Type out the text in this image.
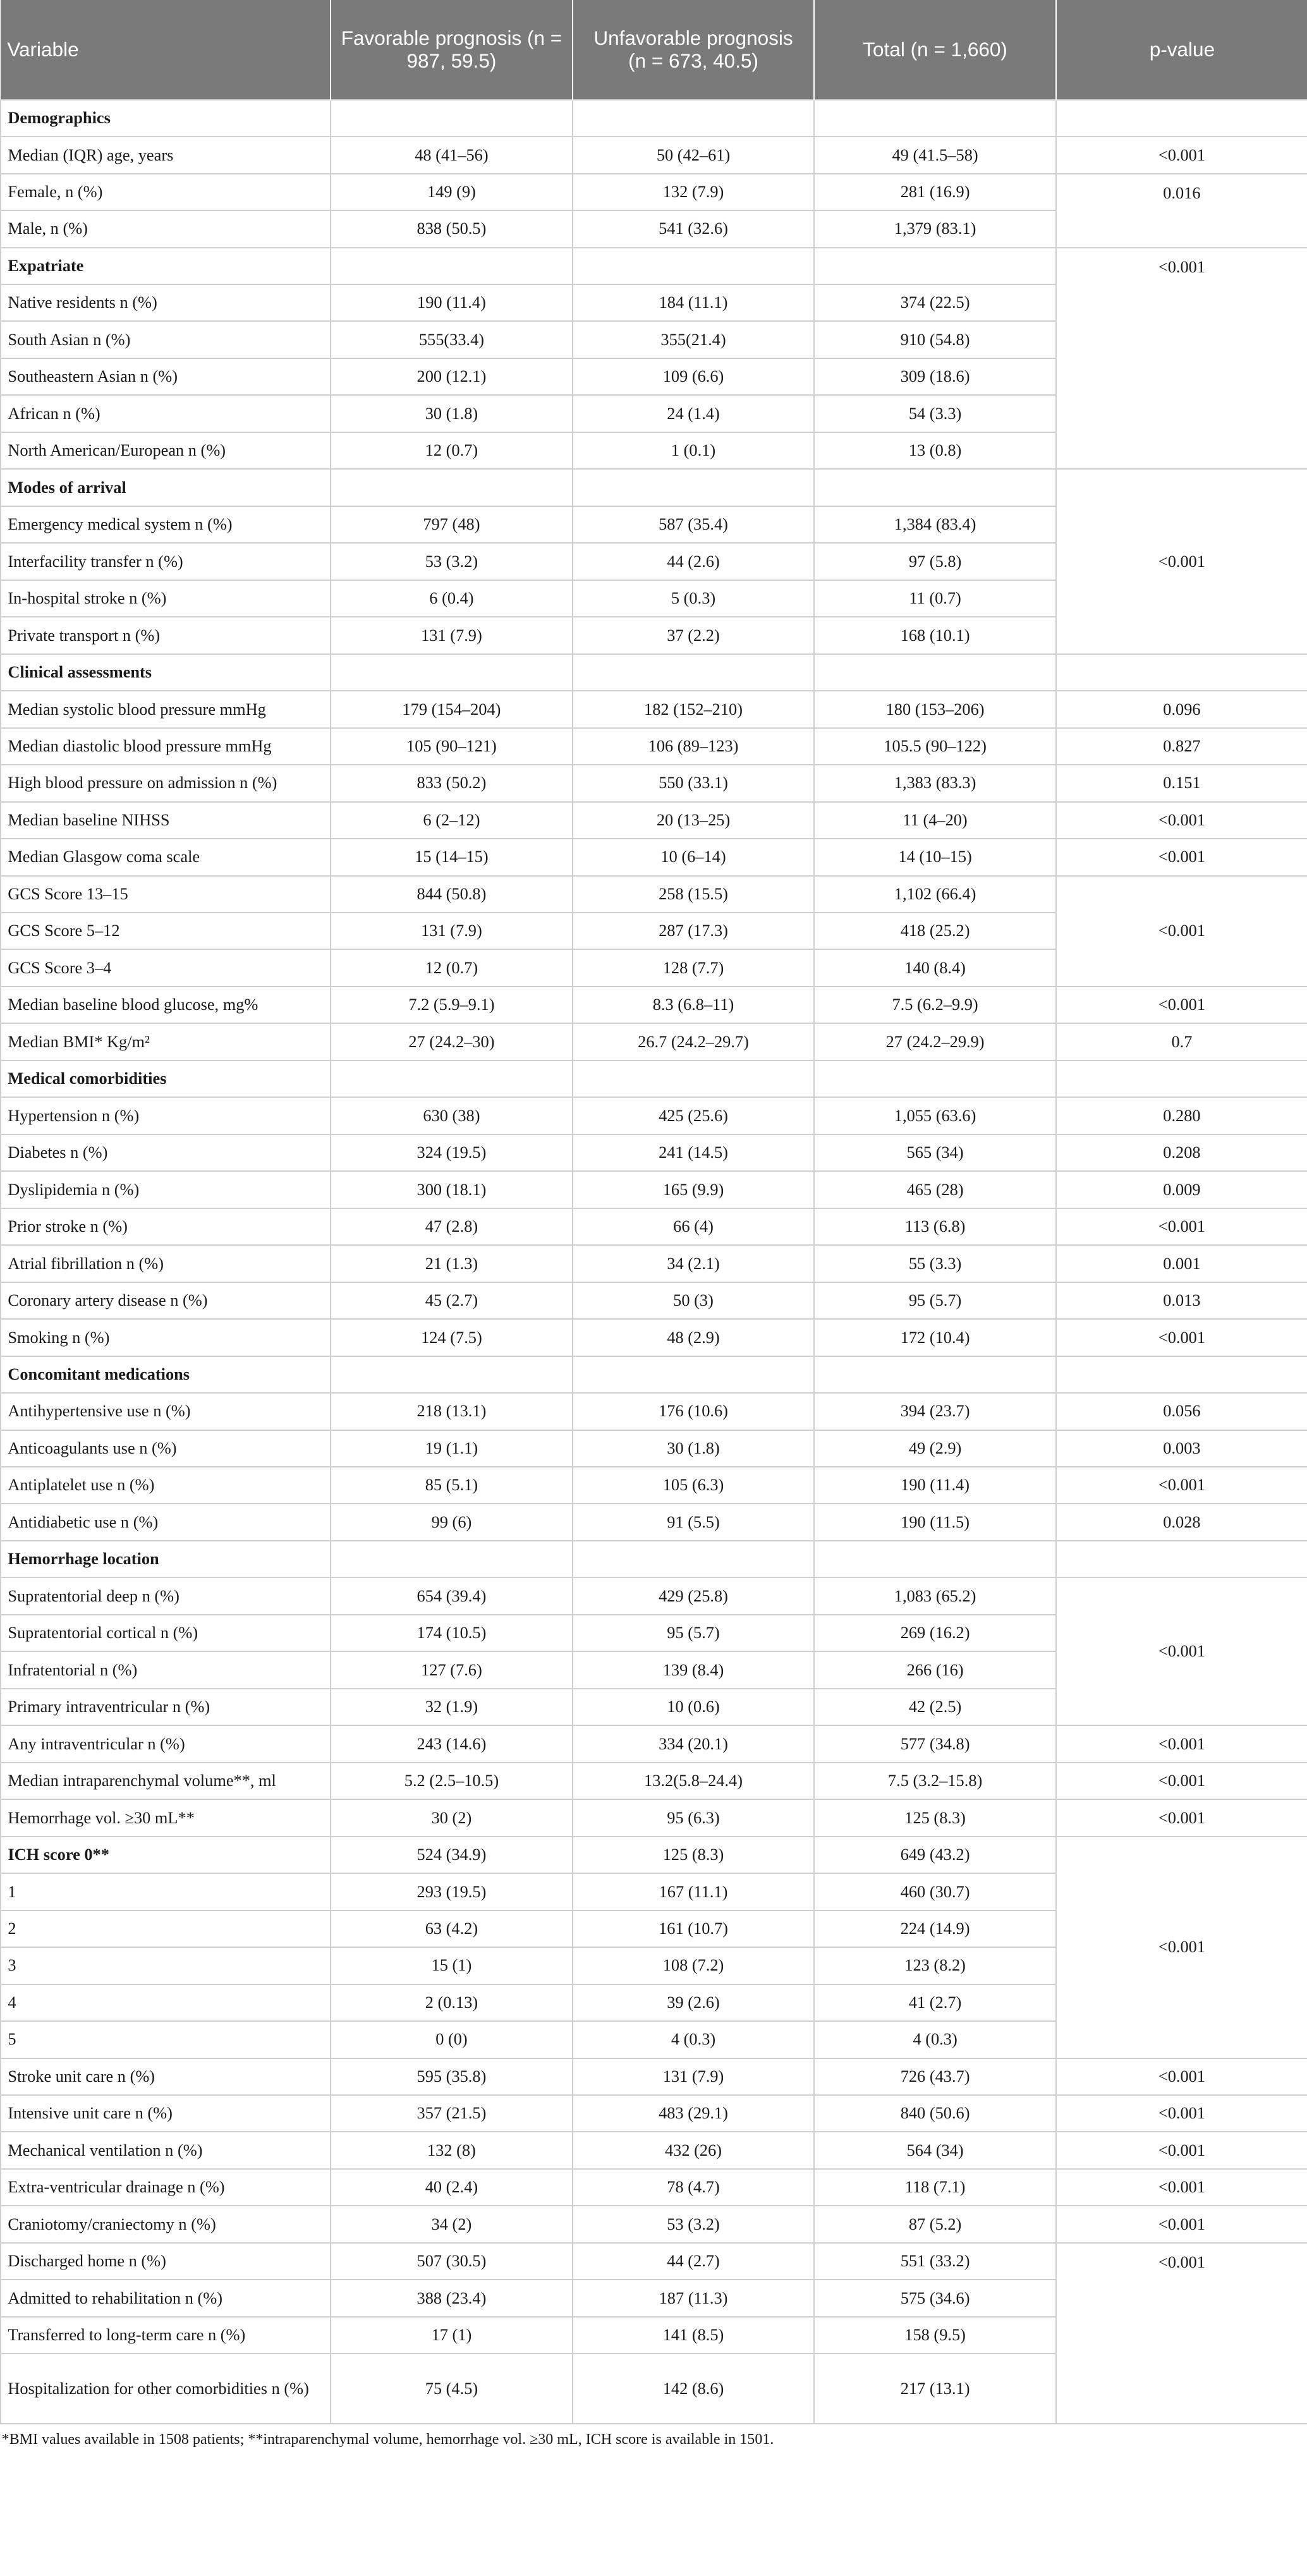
Variable	Favorable prognosis (n = 987, 59.5)	Unfavorable prognosis (n = 673, 40.5)	Total (n = 1,660)	p-value
Demographics				
Median (IQR) age, years	48 (41–56)	50 (42–61)	49 (41.5–58)	<0.001
Female, n (%)	149 (9)	132 (7.9)	281 (16.9)	0.016
Male, n (%)	838 (50.5)	541 (32.6)	1,379 (83.1)	
Expatriate				<0.001
Native residents n (%)	190 (11.4)	184 (11.1)	374 (22.5)	
South Asian n (%)	555(33.4)	355(21.4)	910 (54.8)	
Southeastern Asian n (%)	200 (12.1)	109 (6.6)	309 (18.6)	
African n (%)	30 (1.8)	24 (1.4)	54 (3.3)	
North American/European n (%)	12 (0.7)	1 (0.1)	13 (0.8)	
Modes of arrival				<0.001
Emergency medical system n (%)	797 (48)	587 (35.4)	1,384 (83.4)	
Interfacility transfer n (%)	53 (3.2)	44 (2.6)	97 (5.8)	
In-hospital stroke n (%)	6 (0.4)	5 (0.3)	11 (0.7)	
Private transport n (%)	131 (7.9)	37 (2.2)	168 (10.1)	
Clinical assessments				
Median systolic blood pressure mmHg	179 (154–204)	182 (152–210)	180 (153–206)	0.096
Median diastolic blood pressure mmHg	105 (90–121)	106 (89–123)	105.5 (90–122)	0.827
High blood pressure on admission n (%)	833 (50.2)	550 (33.1)	1,383 (83.3)	0.151
Median baseline NIHSS	6 (2–12)	20 (13–25)	11 (4–20)	<0.001
Median Glasgow coma scale	15 (14–15)	10 (6–14)	14 (10–15)	<0.001
GCS Score 13–15	844 (50.8)	258 (15.5)	1,102 (66.4)	<0.001
GCS Score 5–12	131 (7.9)	287 (17.3)	418 (25.2)	
GCS Score 3–4	12 (0.7)	128 (7.7)	140 (8.4)	
Median baseline blood glucose, mg%	7.2 (5.9–9.1)	8.3 (6.8–11)	7.5 (6.2–9.9)	<0.001
Median BMI* Kg/m²	27 (24.2–30)	26.7 (24.2–29.7)	27 (24.2–29.9)	0.7
Medical comorbidities				
Hypertension n (%)	630 (38)	425 (25.6)	1,055 (63.6)	0.280
Diabetes n (%)	324 (19.5)	241 (14.5)	565 (34)	0.208
Dyslipidemia n (%)	300 (18.1)	165 (9.9)	465 (28)	0.009
Prior stroke n (%)	47 (2.8)	66 (4)	113 (6.8)	<0.001
Atrial fibrillation n (%)	21 (1.3)	34 (2.1)	55 (3.3)	0.001
Coronary artery disease n (%)	45 (2.7)	50 (3)	95 (5.7)	0.013
Smoking n (%)	124 (7.5)	48 (2.9)	172 (10.4)	<0.001
Concomitant medications				
Antihypertensive use n (%)	218 (13.1)	176 (10.6)	394 (23.7)	0.056
Anticoagulants use n (%)	19 (1.1)	30 (1.8)	49 (2.9)	0.003
Antiplatelet use n (%)	85 (5.1)	105 (6.3)	190 (11.4)	<0.001
Antidiabetic use n (%)	99 (6)	91 (5.5)	190 (11.5)	0.028
Hemorrhage location				
Supratentorial deep n (%)	654 (39.4)	429 (25.8)	1,083 (65.2)	<0.001
Supratentorial cortical n (%)	174 (10.5)	95 (5.7)	269 (16.2)	
Infratentorial n (%)	127 (7.6)	139 (8.4)	266 (16)	
Primary intraventricular n (%)	32 (1.9)	10 (0.6)	42 (2.5)	
Any intraventricular n (%)	243 (14.6)	334 (20.1)	577 (34.8)	<0.001
Median intraparenchymal volume**, ml	5.2 (2.5–10.5)	13.2(5.8–24.4)	7.5 (3.2–15.8)	<0.001
Hemorrhage vol. ≥30 mL**	30 (2)	95 (6.3)	125 (8.3)	<0.001
ICH score 0**	524 (34.9)	125 (8.3)	649 (43.2)	<0.001
1	293 (19.5)	167 (11.1)	460 (30.7)	
2	63 (4.2)	161 (10.7)	224 (14.9)	
3	15 (1)	108 (7.2)	123 (8.2)	
4	2 (0.13)	39 (2.6)	41 (2.7)	
5	0 (0)	4 (0.3)	4 (0.3)	
Stroke unit care n (%)	595 (35.8)	131 (7.9)	726 (43.7)	<0.001
Intensive unit care n (%)	357 (21.5)	483 (29.1)	840 (50.6)	<0.001
Mechanical ventilation n (%)	132 (8)	432 (26)	564 (34)	<0.001
Extra-ventricular drainage n (%)	40 (2.4)	78 (4.7)	118 (7.1)	<0.001
Craniotomy/craniectomy n (%)	34 (2)	53 (3.2)	87 (5.2)	<0.001
Discharged home n (%)	507 (30.5)	44 (2.7)	551 (33.2)	<0.001
Admitted to rehabilitation n (%)	388 (23.4)	187 (11.3)	575 (34.6)	
Transferred to long-term care n (%)	17 (1)	141 (8.5)	158 (9.5)	
Hospitalization for other comorbidities n (%)	75 (4.5)	142 (8.6)	217 (13.1)	
*BMI values available in 1508 patients; **intraparenchymal volume, hemorrhage vol. ≥30 mL, ICH score is available in 1501.
